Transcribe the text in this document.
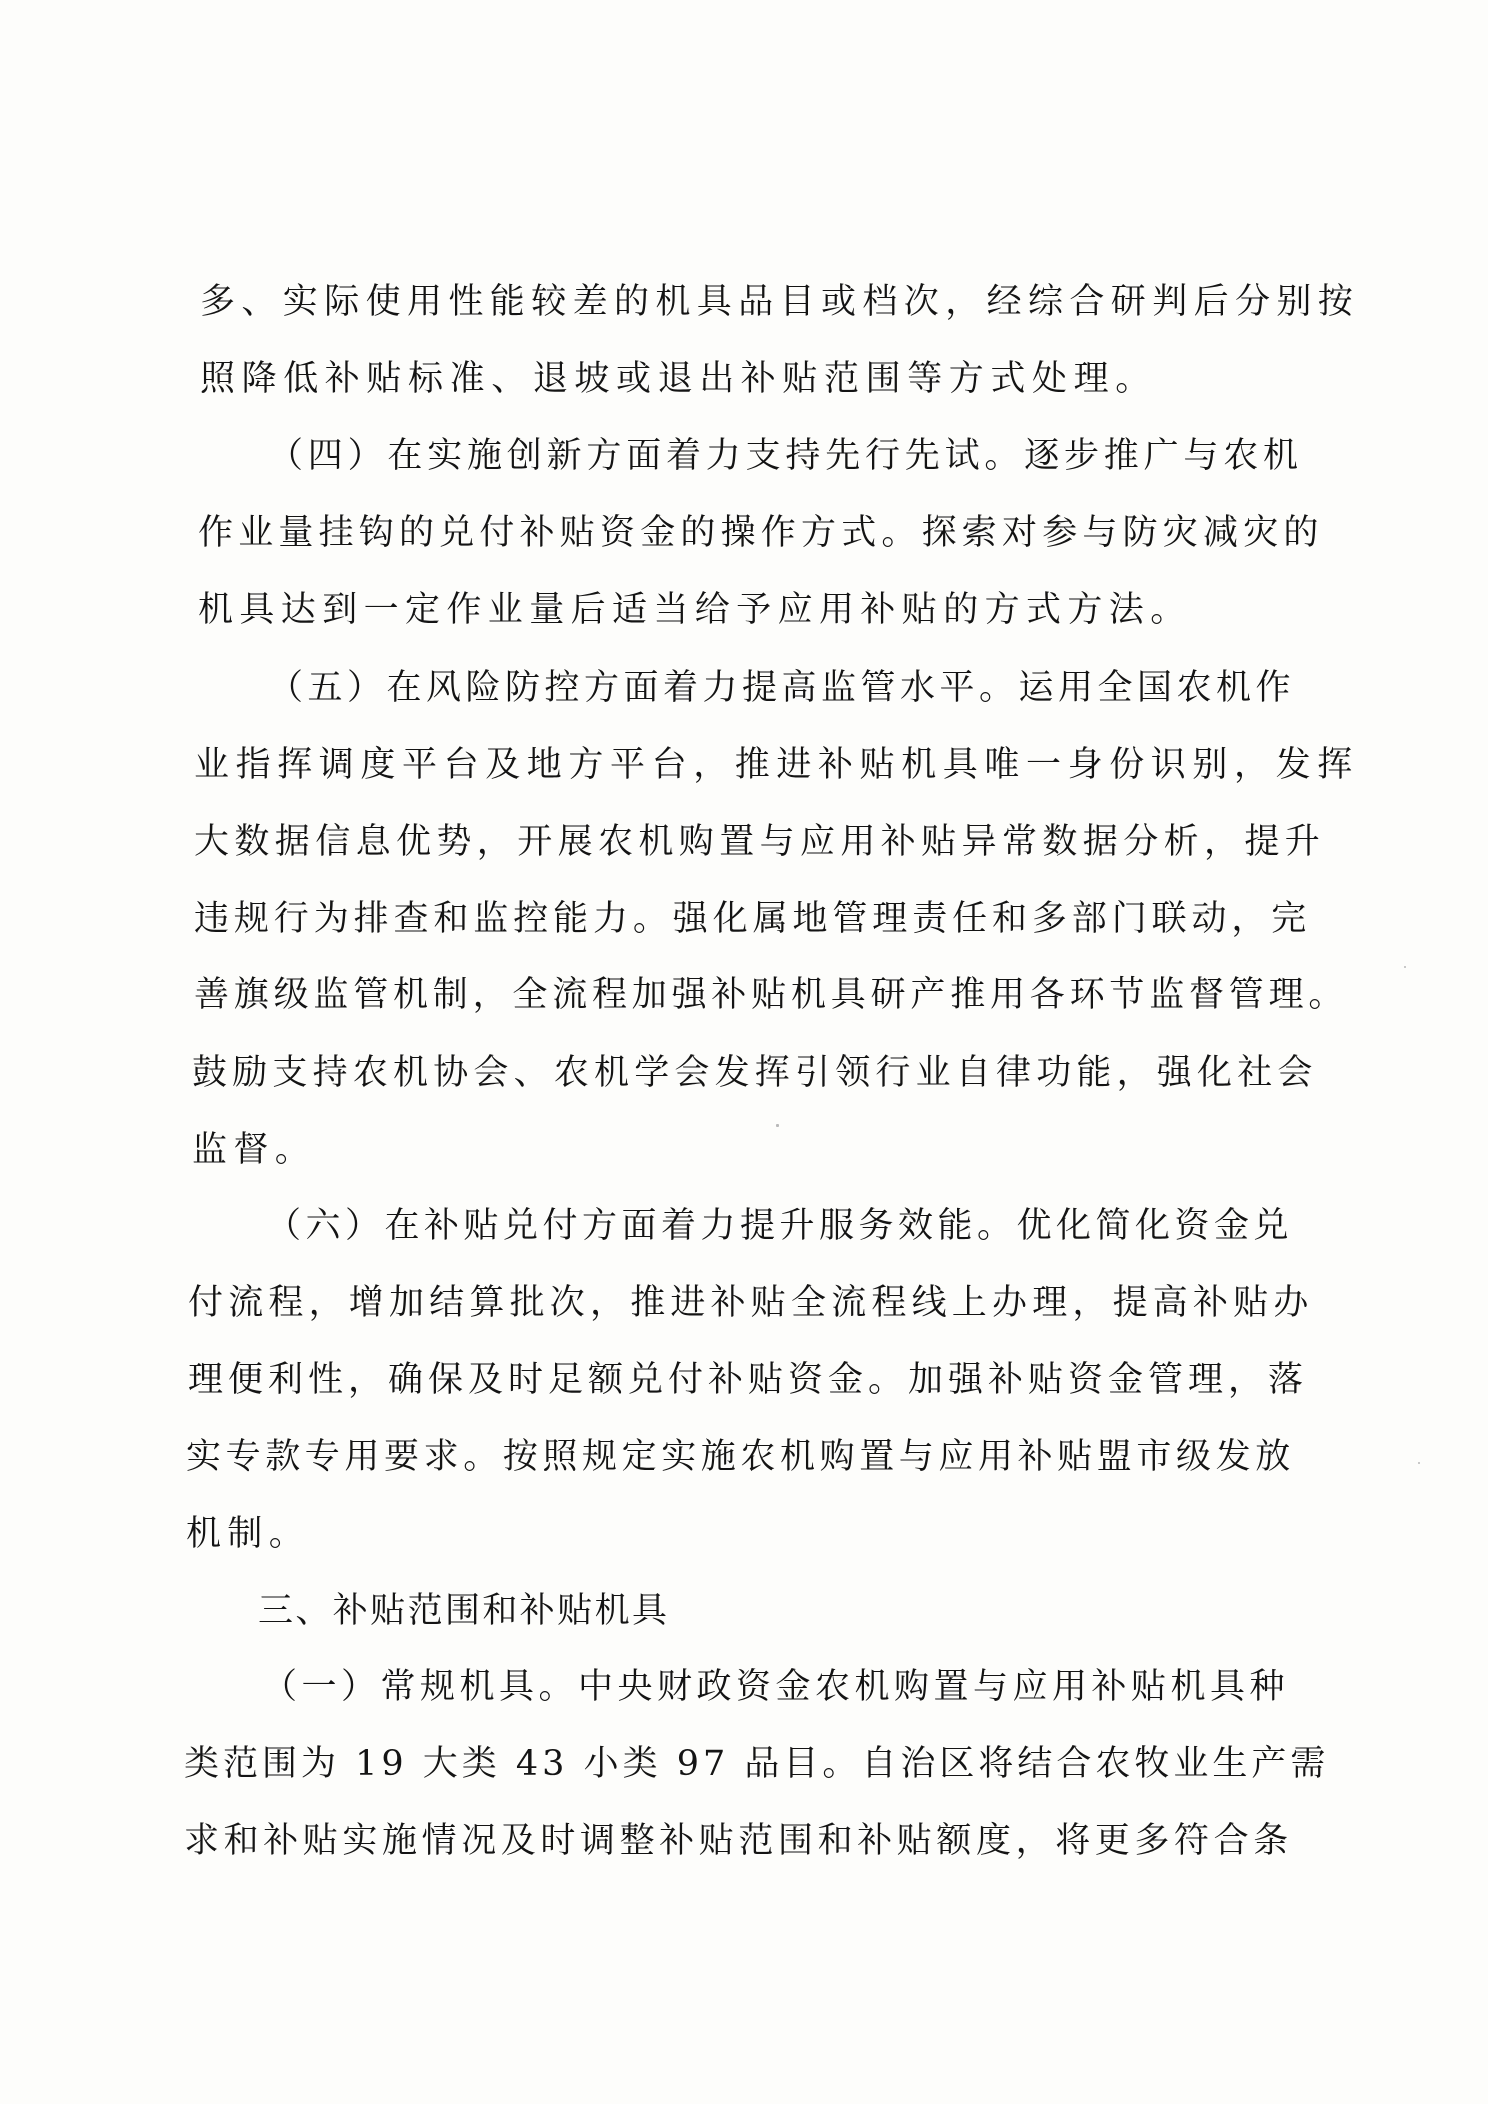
多、实际使用性能较差的机具品目或档次，经综合研判后分别按
照降低补贴标准、退坡或退出补贴范围等方式处理。
（四）在实施创新方面着力支持先行先试。逐步推广与农机
作业量挂钩的兑付补贴资金的操作方式。探索对参与防灾减灾的
机具达到一定作业量后适当给予应用补贴的方式方法。
（五）在风险防控方面着力提高监管水平。运用全国农机作
业指挥调度平台及地方平台，推进补贴机具唯一身份识别，发挥
大数据信息优势，开展农机购置与应用补贴异常数据分析，提升
违规行为排查和监控能力。强化属地管理责任和多部门联动，完
善旗级监管机制，全流程加强补贴机具研产推用各环节监督管理。
鼓励支持农机协会、农机学会发挥引领行业自律功能，强化社会
监督。
（六）在补贴兑付方面着力提升服务效能。优化简化资金兑
付流程，增加结算批次，推进补贴全流程线上办理，提高补贴办
理便利性，确保及时足额兑付补贴资金。加强补贴资金管理，落
实专款专用要求。按照规定实施农机购置与应用补贴盟市级发放
机制。
三、补贴范围和补贴机具
（一）常规机具。中央财政资金农机购置与应用补贴机具种
类范围为 19 大类 43 小类 97 品目。自治区将结合农牧业生产需
求和补贴实施情况及时调整补贴范围和补贴额度，将更多符合条
